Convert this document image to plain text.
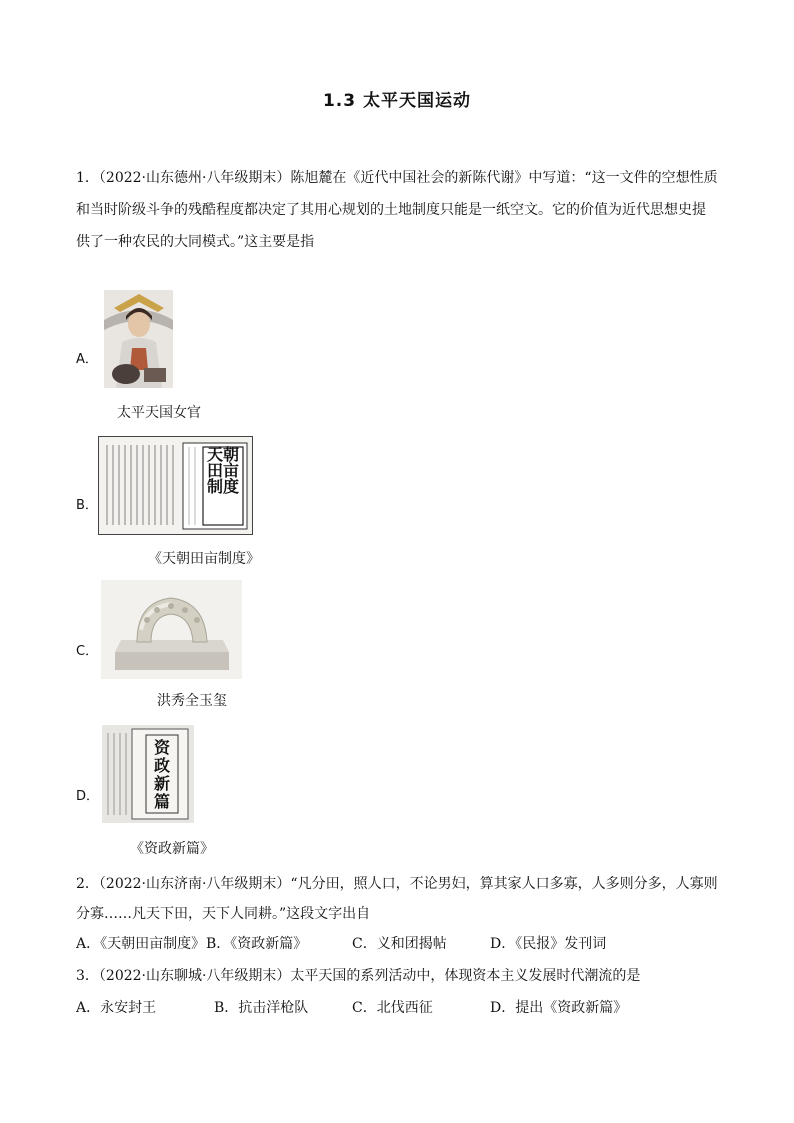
1.3 太平天国运动
1．（2022·山东德州·八年级期末）陈旭麓在《近代中国社会的新陈代谢》中写道：“这一文件的空想性质
和当时阶级斗争的残酷程度都决定了其用心规划的土地制度只能是一纸空文。它的价值为近代思想史提
供了一种农民的大同模式。”这主要是指
A．
太平天国女官
B．
天朝田亩制度
《天朝田亩制度》
C．
洪秀全玉玺
D．
资政新篇
《资政新篇》
2．（2022·山东济南·八年级期末）“凡分田，照人口，不论男妇，算其家人口多寡，人多则分多，人寡则
分寡……凡天下田，天下人同耕。”这段文字出自
A．《天朝田亩制度》 B．《资政新篇》	C．义和团揭帖	D．《民报》发刊词
3．（2022·山东聊城·八年级期末）太平天国的系列活动中，体现资本主义发展时代潮流的是
A．永安封王	B．抗击洋枪队	C．北伐西征	D．提出《资政新篇》
